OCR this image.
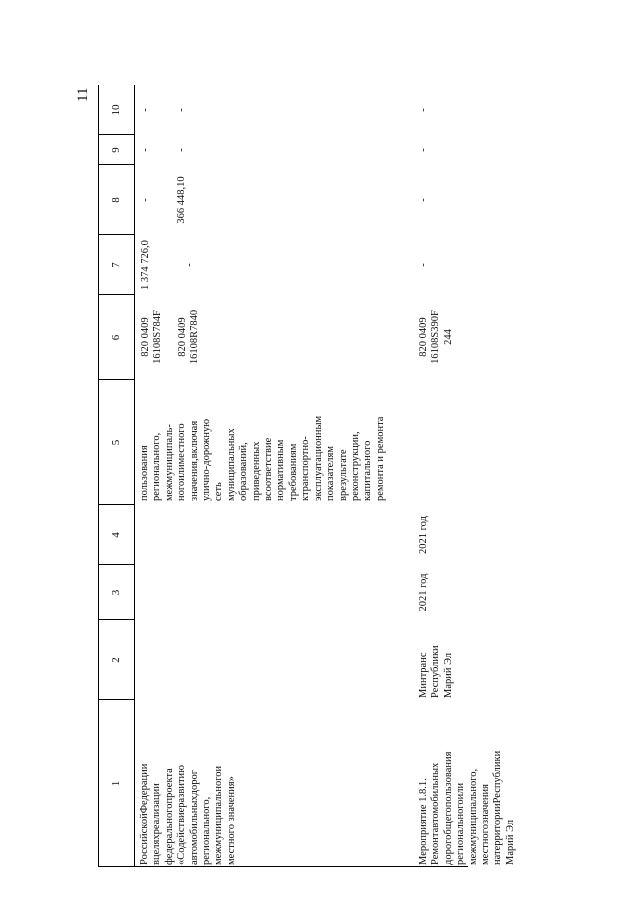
11
1
2
3
4
5
6
7
8
9
10
РоссийскойФедерации
вцеляхреализации федеральногопроекта
«Содействиеразвитию
автомобильныхдорог
регионального, межмуниципальногои
местного значения»
пользования регионального, межмуниципаль- ногоилиместного
значения,включая улично-дорожную сеть муниципальных образований, приведенных всоответствие нормативным требованиям ктранспортно- эксплуатационным показателям врезультате реконструкции, капитального ремонта и ремонта
820 0409 16108S784F 820 0409 16108R7840
1 374 726,0	-
- 366 448,10
- -
- -
Мероприятие 1.8.1. Ремонтавтомобильных
дорогобщегопользования
региональногоили межмуниципального, местногозначения
натерриторииРеспублики
Марий Эл
Минтранс Республики Марий Эл
2021 год
2021 год
820 0409 16108S390F 244
-
-
-
-
